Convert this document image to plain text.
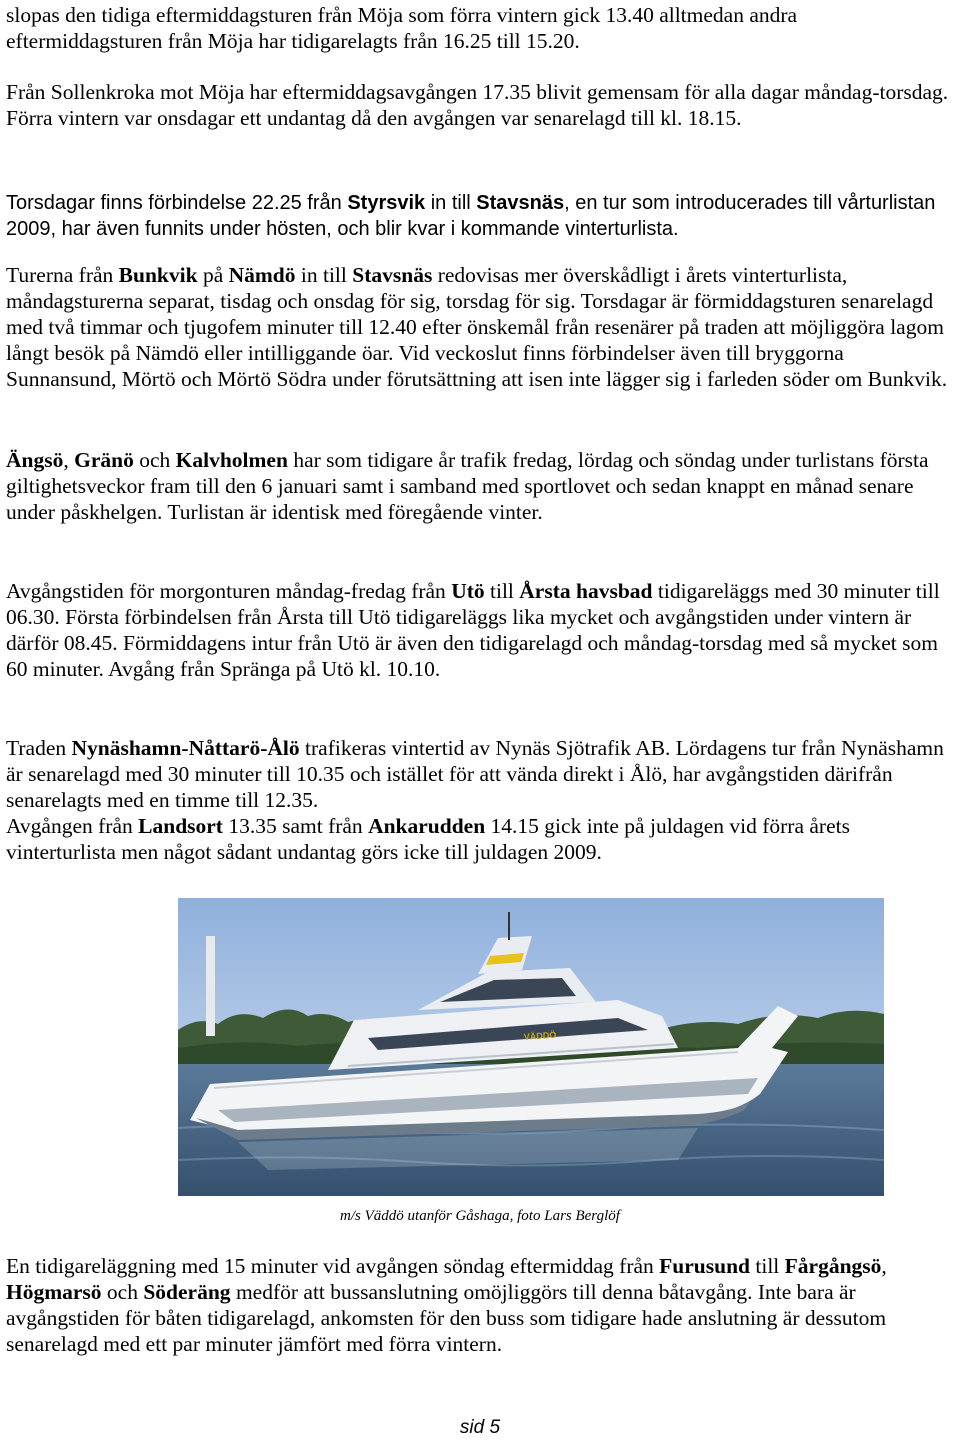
slopas den tidiga eftermiddagsturen från Möja som förra vintern gick 13.40 alltmedan andra eftermiddagsturen från Möja har tidigarelagts från 16.25 till 15.20.

Från Sollenkroka mot Möja har eftermiddagsavgången 17.35 blivit gemensam för alla dagar måndag-torsdag. Förra vintern var onsdagar ett undantag då den avgången var senarelagd till kl. 18.15.

Torsdagar finns förbindelse 22.25 från Styrsvik in till Stavsnäs, en tur som introducerades till vårturlistan 2009, har även funnits under hösten, och blir kvar i kommande vinterturlista.

Turerna från Bunkvik på Nämdö in till Stavsnäs redovisas mer överskådligt i årets vinterturlista, måndagsturerna separat, tisdag och onsdag för sig, torsdag för sig. Torsdagar är förmiddagsturen senarelagd med två timmar och tjugofem minuter till 12.40 efter önskemål från resenärer på traden att möjliggöra lagom långt besök på Nämdö eller intilliggande öar. Vid veckoslut finns förbindelser även till bryggorna Sunnansund, Mörtö och Mörtö Södra under förutsättning att isen inte lägger sig i farleden söder om Bunkvik.

Ängsö, Gränö och Kalvholmen har som tidigare år trafik fredag, lördag och söndag under turlistans första giltighetsveckor fram till den 6 januari samt i samband med sportlovet och sedan knappt en månad senare under påskhelgen. Turlistan är identisk med föregående vinter.

Avgångstiden för morgonturen måndag-fredag från Utö till Årsta havsbad tidigareläggs med 30 minuter till 06.30. Första förbindelsen från Årsta till Utö tidigareläggs lika mycket och avgångstiden under vintern är därför 08.45. Förmiddagens intur från Utö är även den tidigarelagd och måndag-torsdag med så mycket som 60 minuter. Avgång från Spränga på Utö kl. 10.10.

Traden Nynäshamn-Nåttarö-Ålö trafikeras vintertid av Nynäs Sjötrafik AB. Lördagens tur från Nynäshamn är senarelagd med 30 minuter till 10.35 och istället för att vända direkt i Ålö, har avgångstiden därifrån senarelagts med en timme till 12.35.

Avgången från Landsort 13.35 samt från Ankarudden 14.15 gick inte på juldagen vid förra årets vinterturlista men något sådant undantag görs icke till juldagen 2009.

VÄDDÖ
m/s Väddö utanför Gåshaga, foto Lars Berglöf

En tidigareläggning med 15 minuter vid avgången söndag eftermiddag från Furusund till Fårgångsö, Högmarsö och Söderäng medför att bussanslutning omöjliggörs till denna båtavgång. Inte bara är avgångstiden för båten tidigarelagd, ankomsten för den buss som tidigare hade anslutning är dessutom senarelagd med ett par minuter jämfört med förra vintern.

sid 5
